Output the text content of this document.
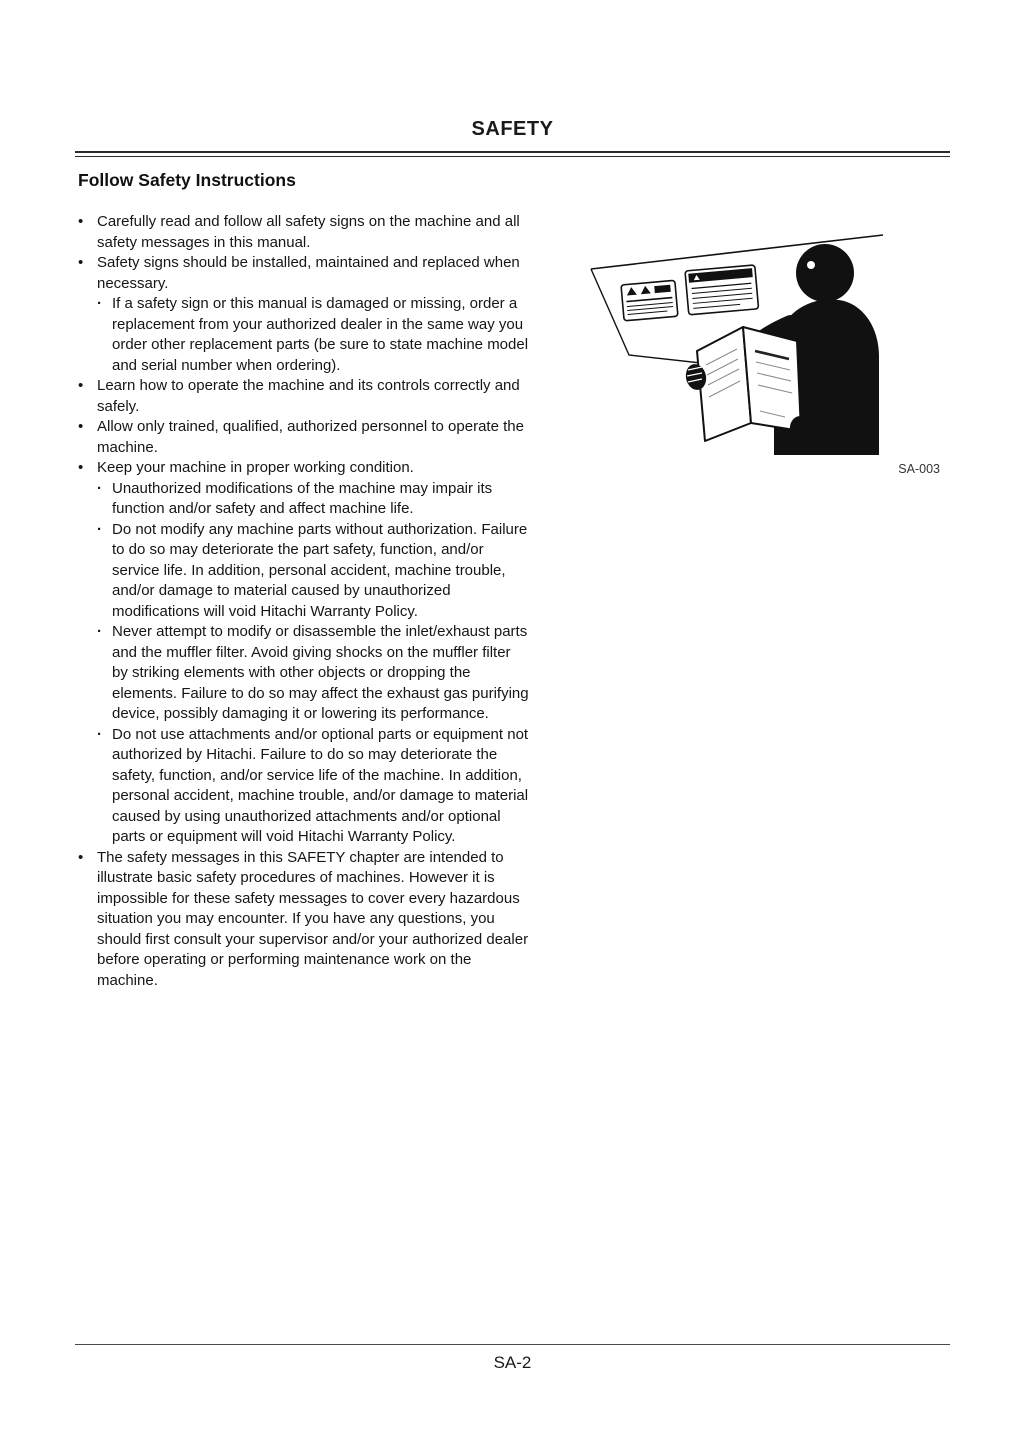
SAFETY
Follow Safety Instructions
• Carefully read and follow all safety signs on the machine and all safety messages in this manual.
• Safety signs should be installed, maintained and replaced when necessary.
· If a safety sign or this manual is damaged or missing, order a replacement from your authorized dealer in the same way you order other replacement parts (be sure to state machine model and serial number when ordering).
• Learn how to operate the machine and its controls correctly and safely.
• Allow only trained, qualified, authorized personnel to operate the machine.
• Keep your machine in proper working condition.
· Unauthorized modifications of the machine may impair its function and/or safety and affect machine life.
· Do not modify any machine parts without authorization. Failure to do so may deteriorate the part safety, function, and/or service life. In addition, personal accident, machine trouble, and/or damage to material caused by unauthorized modifications will void Hitachi Warranty Policy.
· Never attempt to modify or disassemble the inlet/exhaust parts and the muffler filter. Avoid giving shocks on the muffler filter by striking elements with other objects or dropping the elements. Failure to do so may affect the exhaust gas purifying device, possibly damaging it or lowering its performance.
· Do not use attachments and/or optional parts or equipment not authorized by Hitachi. Failure to do so may deteriorate the safety, function, and/or service life of the machine. In addition, personal accident, machine trouble, and/or damage to material caused by using unauthorized attachments and/or optional parts or equipment will void Hitachi Warranty Policy.
• The safety messages in this SAFETY chapter are intended to illustrate basic safety procedures of machines. However it is impossible for these safety messages to cover every hazardous situation you may encounter. If you have any questions, you should first consult your supervisor and/or your authorized dealer before operating or performing maintenance work on the machine.
SA-003
SA-2
